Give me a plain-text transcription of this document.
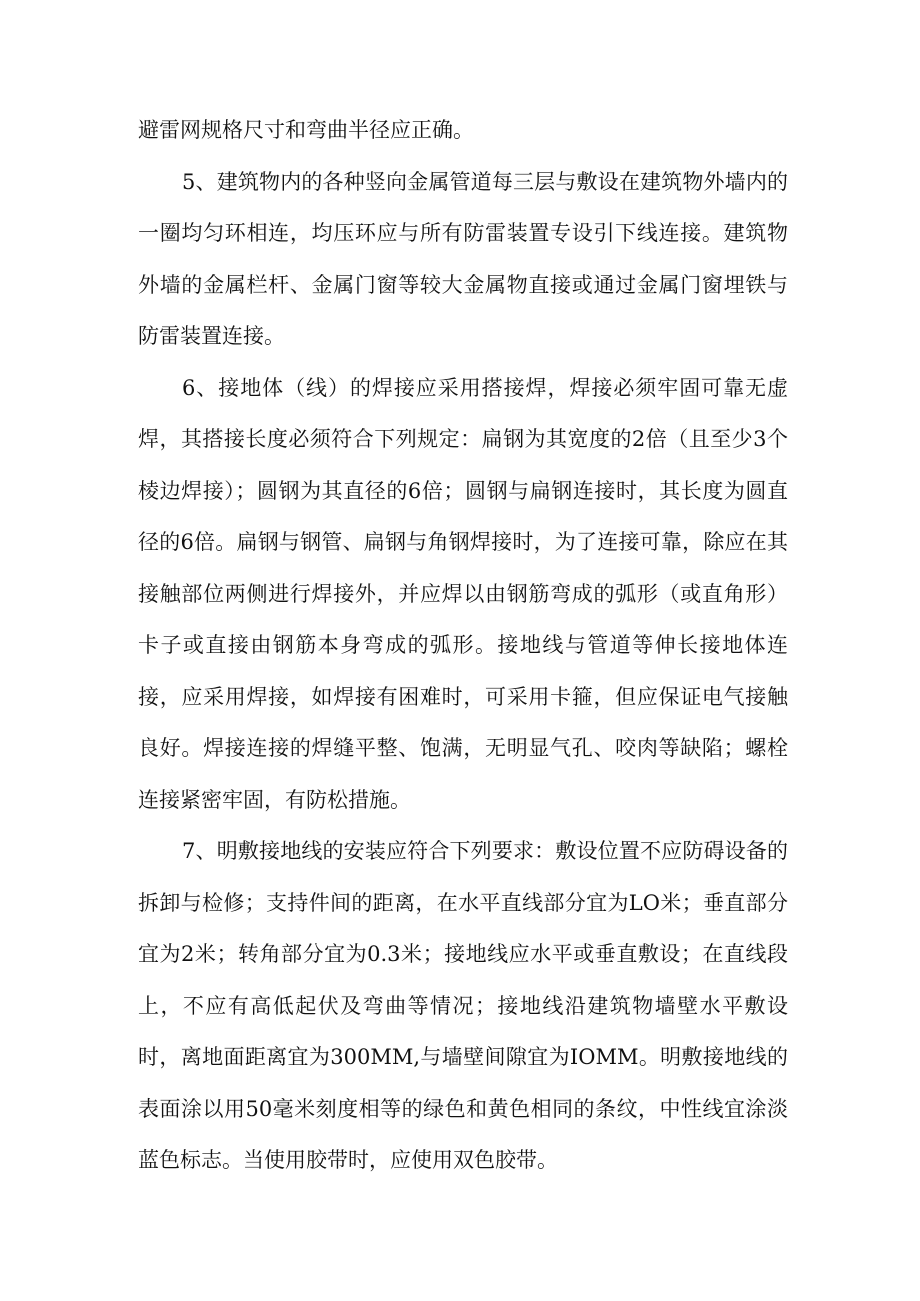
避雷网规格尺寸和弯曲半径应正确。

5、建筑物内的各种竖向金属管道每三层与敷设在建筑物外墙内的一圈均匀环相连，均压环应与所有防雷装置专设引下线连接。建筑物外墙的金属栏杆、金属门窗等较大金属物直接或通过金属门窗埋铁与防雷装置连接。

6、接地体（线）的焊接应采用搭接焊，焊接必须牢固可靠无虚焊，其搭接长度必须符合下列规定：扁钢为其宽度的2倍（且至少3个棱边焊接）；圆钢为其直径的6倍；圆钢与扁钢连接时，其长度为圆直径的6倍。扁钢与钢管、扁钢与角钢焊接时，为了连接可靠，除应在其接触部位两侧进行焊接外，并应焊以由钢筋弯成的弧形（或直角形）卡子或直接由钢筋本身弯成的弧形。接地线与管道等伸长接地体连接，应采用焊接，如焊接有困难时，可采用卡箍，但应保证电气接触良好。焊接连接的焊缝平整、饱满，无明显气孔、咬肉等缺陷；螺栓连接紧密牢固，有防松措施。

7、明敷接地线的安装应符合下列要求：敷设位置不应防碍设备的拆卸与检修；支持件间的距离，在水平直线部分宜为LO米；垂直部分宜为2米；转角部分宜为0.3米；接地线应水平或垂直敷设；在直线段上，不应有高低起伏及弯曲等情况；接地线沿建筑物墙壁水平敷设时，离地面距离宜为300MM,与墙壁间隙宜为IOMM。明敷接地线的表面涂以用50毫米刻度相等的绿色和黄色相同的条纹，中性线宜涂淡蓝色标志。当使用胶带时，应使用双色胶带。
